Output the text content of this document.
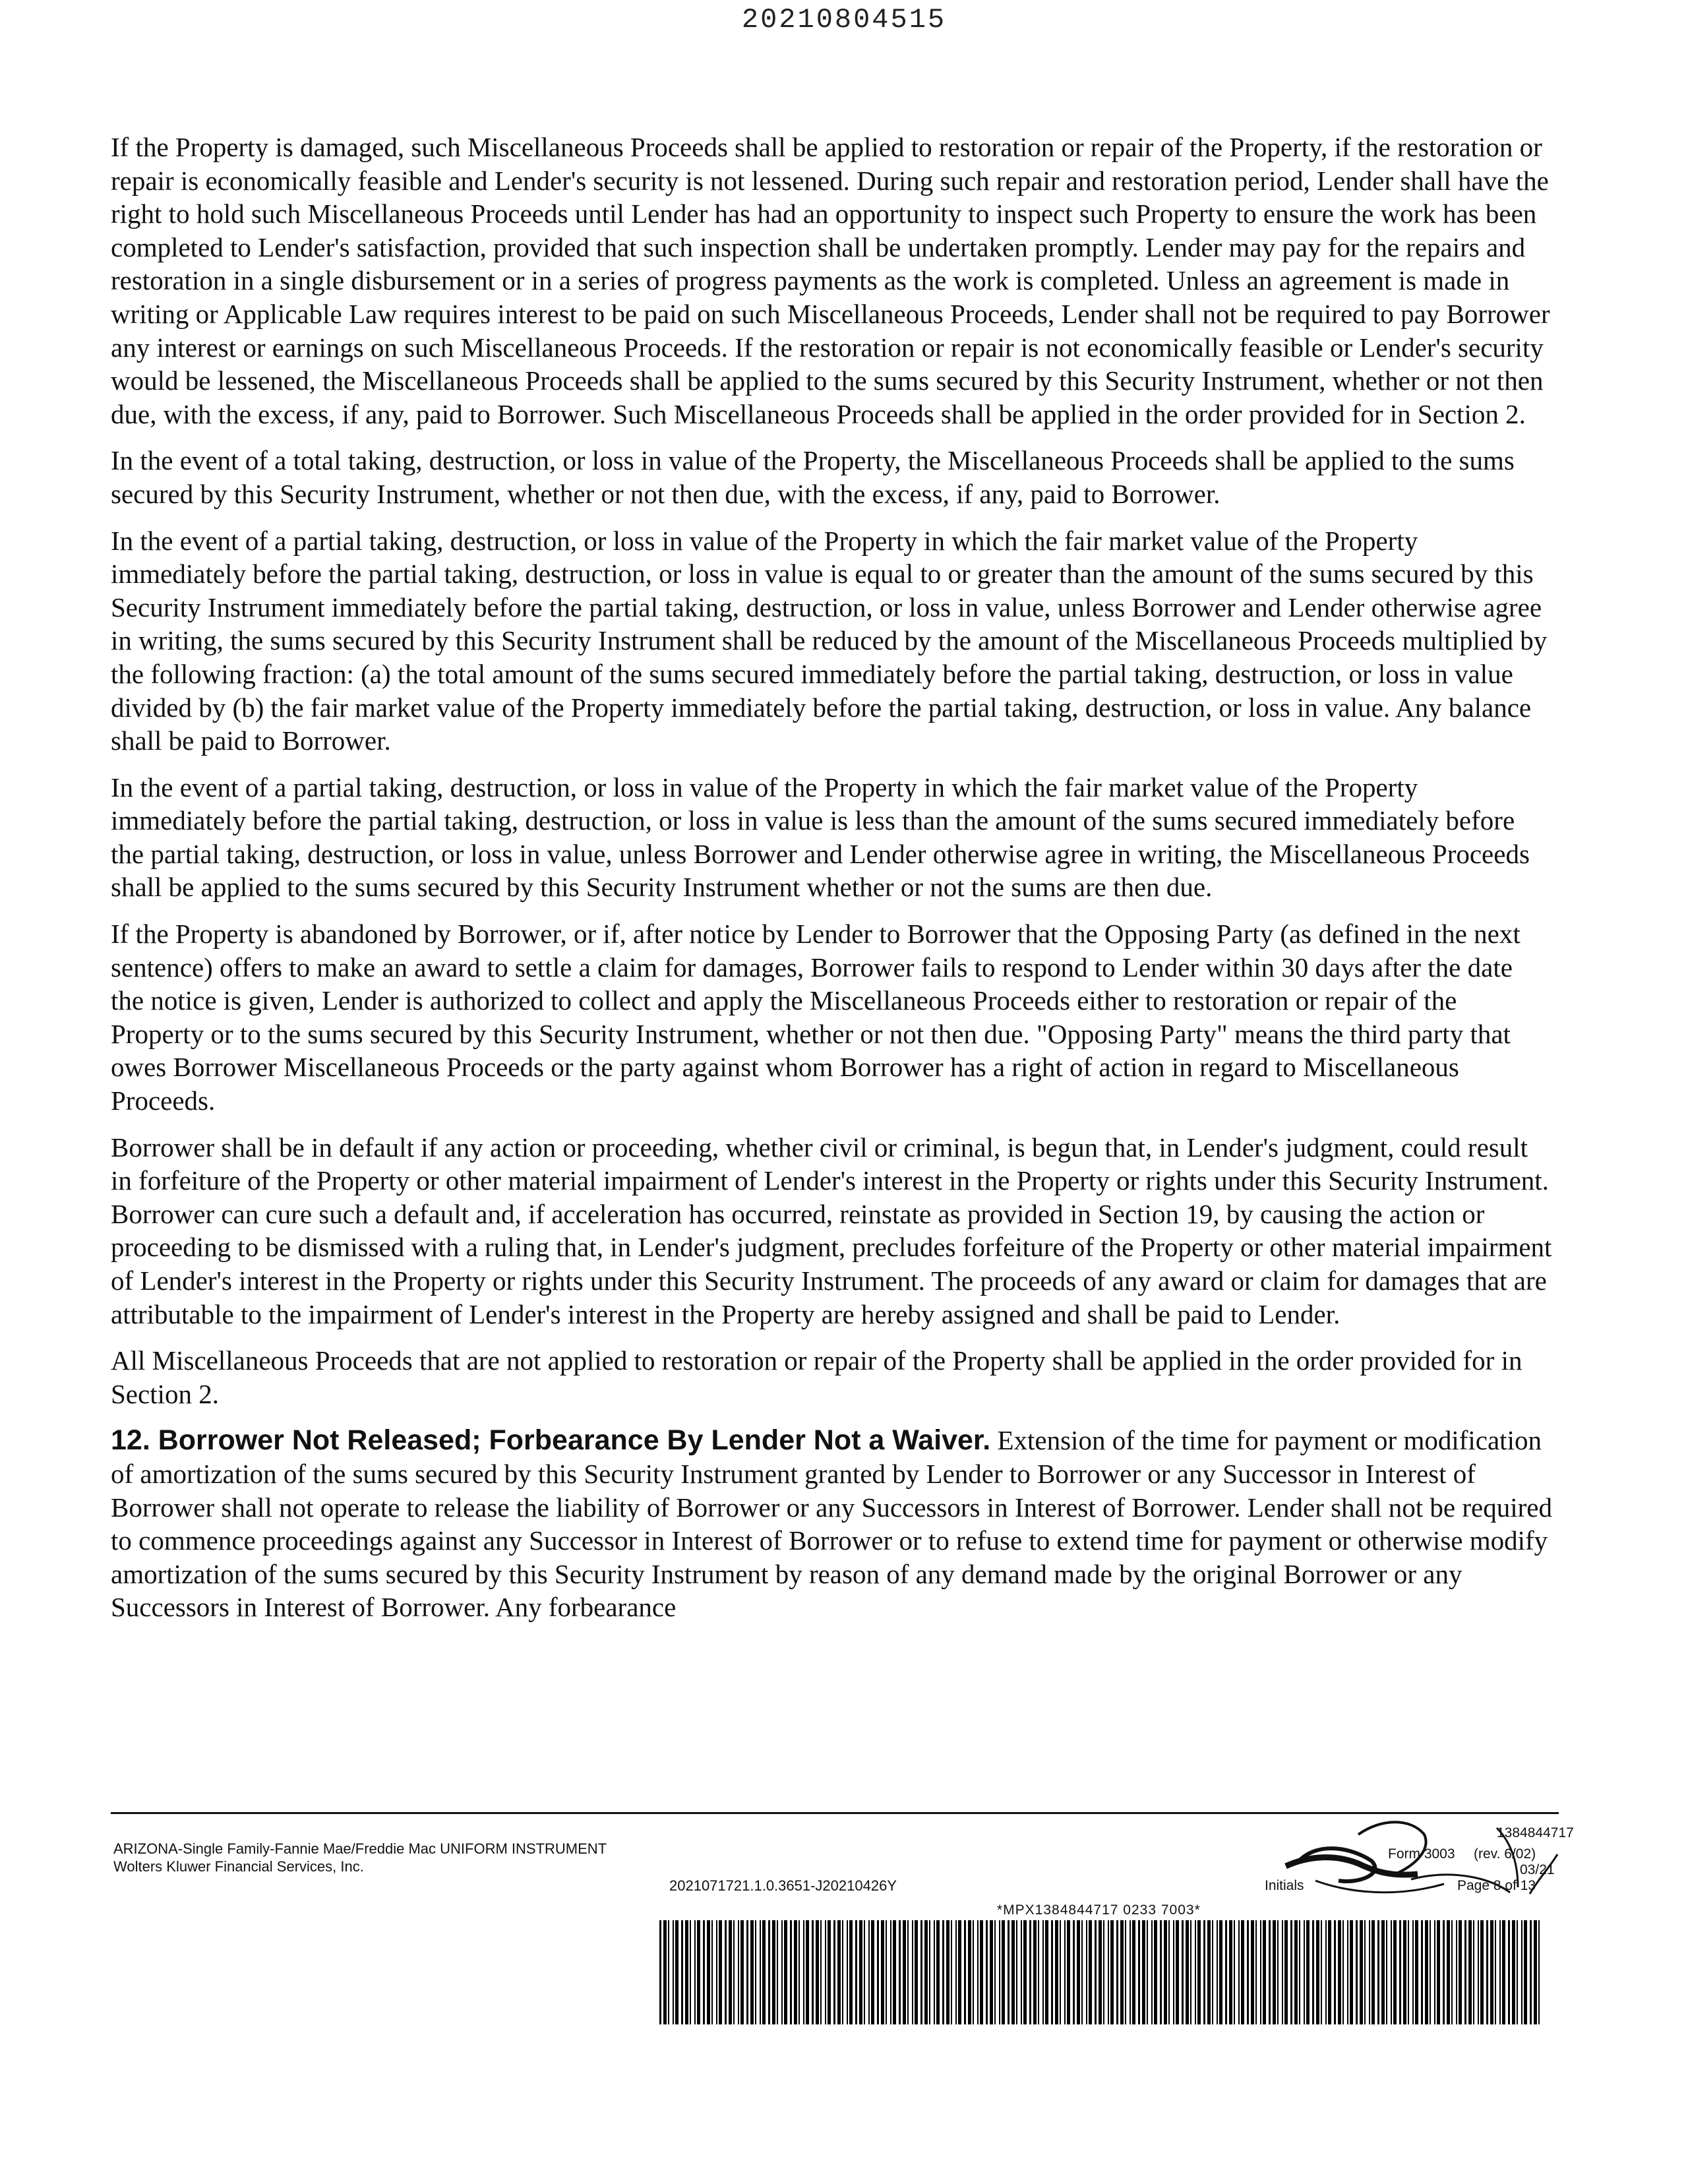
20210804515

If the Property is damaged, such Miscellaneous Proceeds shall be applied to restoration or repair of the Property, if the restoration or repair is economically feasible and Lender's security is not lessened. During such repair and restoration period, Lender shall have the right to hold such Miscellaneous Proceeds until Lender has had an opportunity to inspect such Property to ensure the work has been completed to Lender's satisfaction, provided that such inspection shall be undertaken promptly. Lender may pay for the repairs and restoration in a single disbursement or in a series of progress payments as the work is completed. Unless an agreement is made in writing or Applicable Law requires interest to be paid on such Miscellaneous Proceeds, Lender shall not be required to pay Borrower any interest or earnings on such Miscellaneous Proceeds. If the restoration or repair is not economically feasible or Lender's security would be lessened, the Miscellaneous Proceeds shall be applied to the sums secured by this Security Instrument, whether or not then due, with the excess, if any, paid to Borrower. Such Miscellaneous Proceeds shall be applied in the order provided for in Section 2.

In the event of a total taking, destruction, or loss in value of the Property, the Miscellaneous Proceeds shall be applied to the sums secured by this Security Instrument, whether or not then due, with the excess, if any, paid to Borrower.

In the event of a partial taking, destruction, or loss in value of the Property in which the fair market value of the Property immediately before the partial taking, destruction, or loss in value is equal to or greater than the amount of the sums secured by this Security Instrument immediately before the partial taking, destruction, or loss in value, unless Borrower and Lender otherwise agree in writing, the sums secured by this Security Instrument shall be reduced by the amount of the Miscellaneous Proceeds multiplied by the following fraction: (a) the total amount of the sums secured immediately before the partial taking, destruction, or loss in value divided by (b) the fair market value of the Property immediately before the partial taking, destruction, or loss in value. Any balance shall be paid to Borrower.

In the event of a partial taking, destruction, or loss in value of the Property in which the fair market value of the Property immediately before the partial taking, destruction, or loss in value is less than the amount of the sums secured immediately before the partial taking, destruction, or loss in value, unless Borrower and Lender otherwise agree in writing, the Miscellaneous Proceeds shall be applied to the sums secured by this Security Instrument whether or not the sums are then due.

If the Property is abandoned by Borrower, or if, after notice by Lender to Borrower that the Opposing Party (as defined in the next sentence) offers to make an award to settle a claim for damages, Borrower fails to respond to Lender within 30 days after the date the notice is given, Lender is authorized to collect and apply the Miscellaneous Proceeds either to restoration or repair of the Property or to the sums secured by this Security Instrument, whether or not then due. "Opposing Party" means the third party that owes Borrower Miscellaneous Proceeds or the party against whom Borrower has a right of action in regard to Miscellaneous Proceeds.

Borrower shall be in default if any action or proceeding, whether civil or criminal, is begun that, in Lender's judgment, could result in forfeiture of the Property or other material impairment of Lender's interest in the Property or rights under this Security Instrument. Borrower can cure such a default and, if acceleration has occurred, reinstate as provided in Section 19, by causing the action or proceeding to be dismissed with a ruling that, in Lender's judgment, precludes forfeiture of the Property or other material impairment of Lender's interest in the Property or rights under this Security Instrument. The proceeds of any award or claim for damages that are attributable to the impairment of Lender's interest in the Property are hereby assigned and shall be paid to Lender.

All Miscellaneous Proceeds that are not applied to restoration or repair of the Property shall be applied in the order provided for in Section 2.

12. Borrower Not Released; Forbearance By Lender Not a Waiver. Extension of the time for payment or modification of amortization of the sums secured by this Security Instrument granted by Lender to Borrower or any Successor in Interest of Borrower shall not operate to release the liability of Borrower or any Successors in Interest of Borrower. Lender shall not be required to commence proceedings against any Successor in Interest of Borrower or to refuse to extend time for payment or otherwise modify amortization of the sums secured by this Security Instrument by reason of any demand made by the original Borrower or any Successors in Interest of Borrower. Any forbearance

ARIZONA-Single Family-Fannie Mae/Freddie Mac UNIFORM INSTRUMENT
Wolters Kluwer Financial Services, Inc.
2021071721.1.0.3651-J20210426Y
*MPX1384844717 0233 7003*
1384844717
Form 3003 (rev. 6/02)
03/21
Initials	Page 8 of 13
